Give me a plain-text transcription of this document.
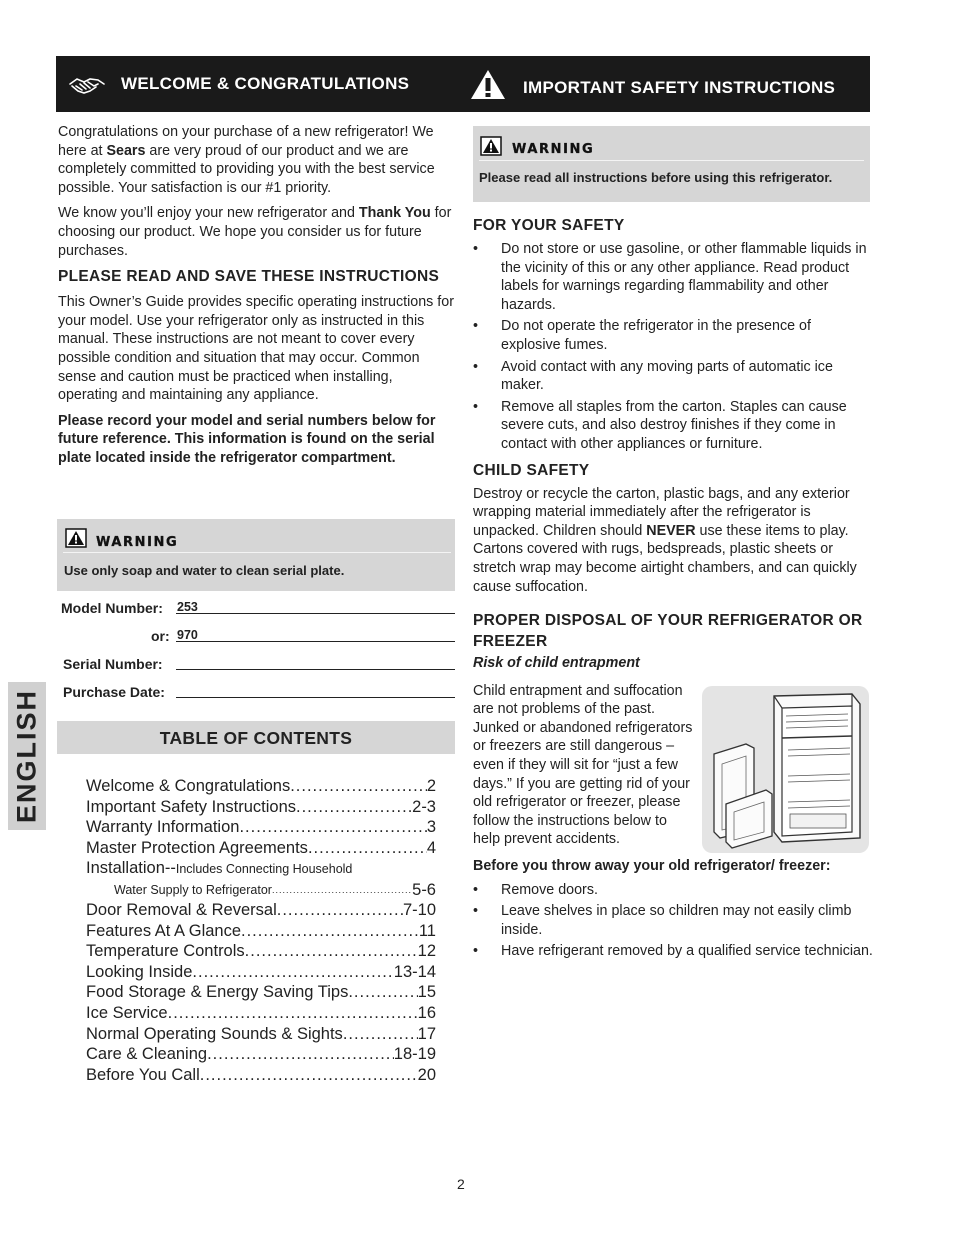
WELCOME & CONGRATULATIONS	IMPORTANT SAFETY INSTRUCTIONS
ENGLISH

Congratulations on your purchase of a new refrigerator! We here at Sears are very proud of our product and we are completely committed to providing you with the best service possible. Your satisfaction is our #1 priority.

We know you’ll enjoy your new refrigerator and Thank You for choosing our product. We hope you consider us for future purchases.

PLEASE READ AND SAVE THESE INSTRUCTIONS

This Owner’s Guide provides specific operating instructions for your model. Use your refrigerator only as instructed in this manual. These instructions are not meant to cover every possible condition and situation that may occur. Common sense and caution must be practiced when installing, operating and maintaining any appliance.

Please record your model and serial numbers below for future reference. This information is found on the serial plate located inside the refrigerator compartment.

WARNING
Use only soap and water to clean serial plate.
Model Number: 253
or: 970
Serial Number:
Purchase Date:
TABLE OF CONTENTS
Welcome & Congratulations .....	2
Important Safety Instructions .....	2-3
Warranty Information .....	3
Master Protection Agreements .....	4
Installation--Includes Connecting Household
Water Supply to Refrigerator .....	5-6
Door Removal & Reversal .....	7-10
Features At A Glance .....	11
Temperature Controls .....	12
Looking Inside .....	13-14
Food Storage & Energy Saving Tips .....	15
Ice Service .....	16
Normal Operating Sounds & Sights .....	17
Care & Cleaning .....	18-19
Before You Call .....	20
WARNING
Please read all instructions before using this refrigerator.
FOR YOUR SAFETY
• Do not store or use gasoline, or other flammable liquids in the vicinity of this or any other appliance. Read product labels for warnings regarding flammability and other hazards.
• Do not operate the refrigerator in the presence of explosive fumes.
• Avoid contact with any moving parts of automatic ice maker.
• Remove all staples from the carton. Staples can cause severe cuts, and also destroy finishes if they come in contact with other appliances or furniture.
CHILD SAFETY

Destroy or recycle the carton, plastic bags, and any exterior wrapping material immediately after the refrigerator is unpacked. Children should NEVER use these items to play. Cartons covered with rugs, bedspreads, plastic sheets or stretch wrap may become airtight chambers, and can quickly cause suffocation.

PROPER DISPOSAL OF YOUR REFRIGERATOR OR FREEZER
Risk of child entrapment

Child entrapment and suffocation are not problems of the past. Junked or abandoned refrigerators or freezers are still dangerous – even if they will sit for “just a few days.” If you are getting rid of your old refrigerator or freezer, please follow the instructions below to help prevent accidents.

Before you throw away your old refrigerator/ freezer:
• Remove doors.
• Leave shelves in place so children may not easily climb inside.
• Have refrigerant removed by a qualified service technician.
2
